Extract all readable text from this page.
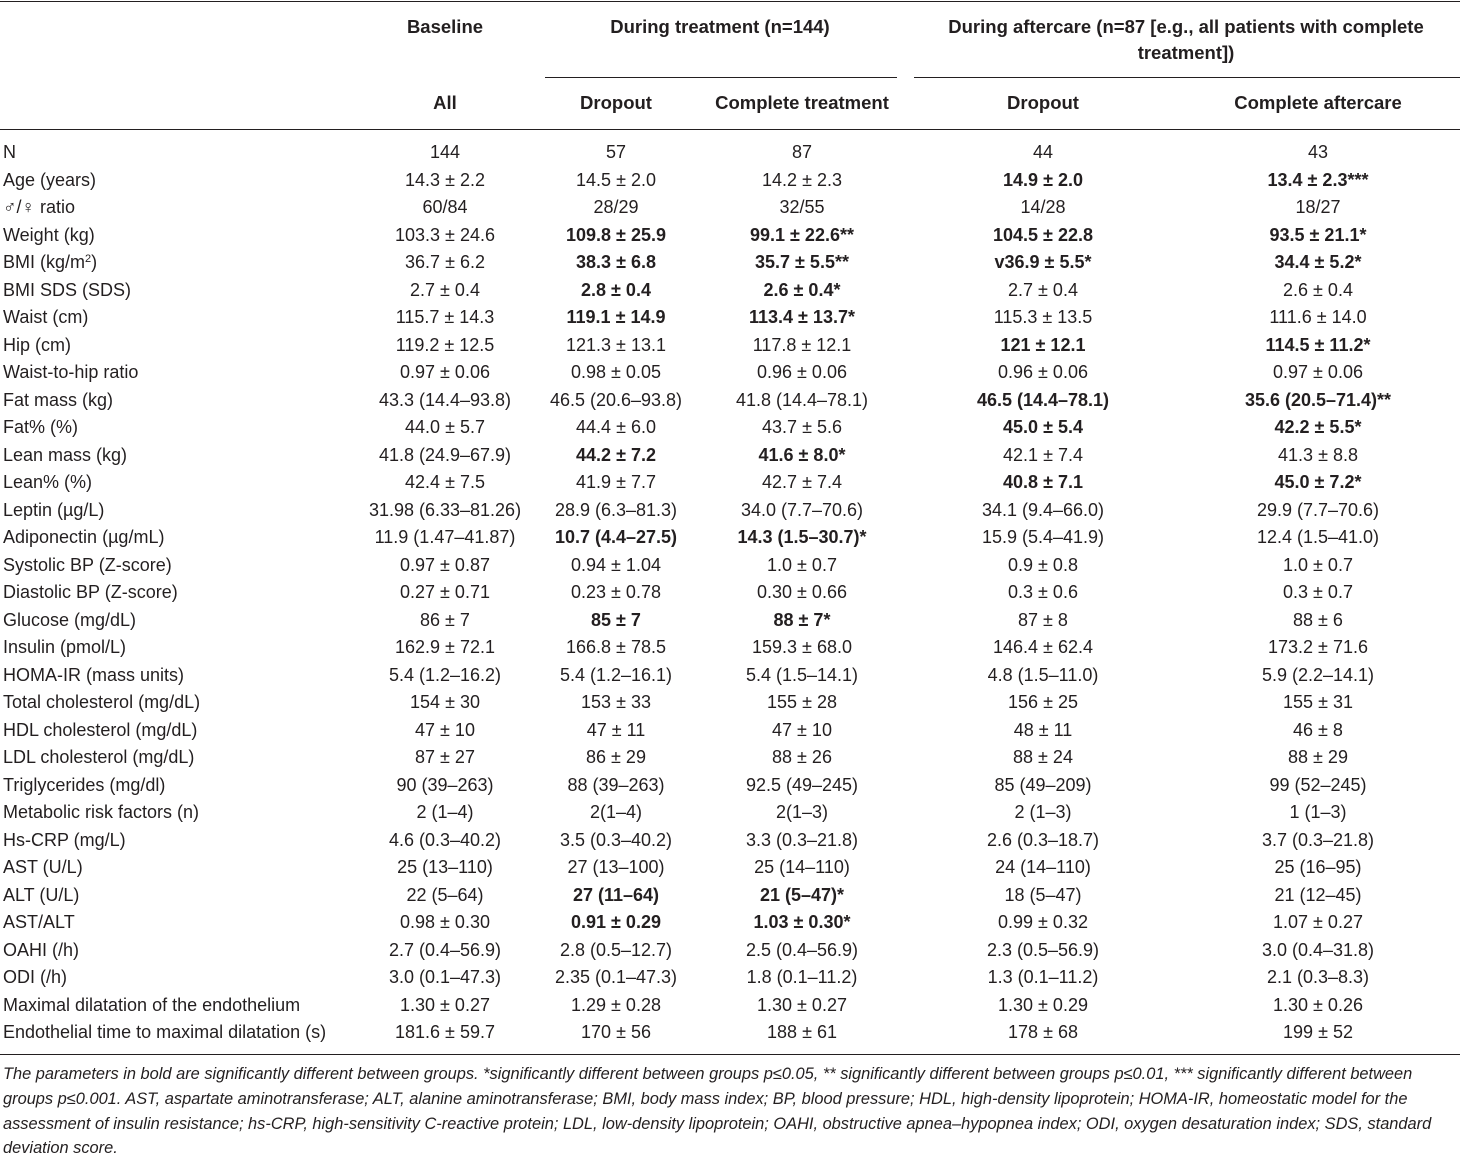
Baseline	During treatment (n=144)	During aftercare (n=87 [e.g., all patients with complete treatment])
All	Dropout	Complete treatment	Dropout	Complete aftercare
N	144	57	87	44	43
Age (years)	14.3 ± 2.2	14.5 ± 2.0	14.2 ± 2.3	14.9 ± 2.0	13.4 ± 2.3***
♂/♀ ratio	60/84	28/29	32/55	14/28	18/27
Weight (kg)	103.3 ± 24.6	109.8 ± 25.9	99.1 ± 22.6**	104.5 ± 22.8	93.5 ± 21.1*
BMI $(kg/m^2)$	36.7 ± 6.2	38.3 ± 6.8	35.7 ± 5.5**	v36.9 ± 5.5*	34.4 ± 5.2*
BMI SDS (SDS)	2.7 ± 0.4	2.8 ± 0.4	2.6 ± 0.4*	2.7 ± 0.4	2.6 ± 0.4
Waist (cm)	115.7 ± 14.3	119.1 ± 14.9	113.4 ± 13.7*	115.3 ± 13.5	111.6 ± 14.0
Hip (cm)	119.2 ± 12.5	121.3 ± 13.1	117.8 ± 12.1	121 ± 12.1	114.5 ± 11.2*
Waist-to-hip ratio	0.97 ± 0.06	0.98 ± 0.05	0.96 ± 0.06	0.96 ± 0.06	0.97 ± 0.06
Fat mass (kg)	43.3 (14.4–93.8)	46.5 (20.6–93.8)	41.8 (14.4–78.1)	46.5 (14.4–78.1)	35.6 (20.5–71.4)**
Fat% (%)	44.0 ± 5.7	44.4 ± 6.0	43.7 ± 5.6	45.0 ± 5.4	42.2 ± 5.5*
Lean mass (kg)	41.8 (24.9–67.9)	44.2 ± 7.2	41.6 ± 8.0*	42.1 ± 7.4	41.3 ± 8.8
Lean% (%)	42.4 ± 7.5	41.9 ± 7.7	42.7 ± 7.4	40.8 ± 7.1	45.0 ± 7.2*
Leptin (µg/L)	31.98 (6.33–81.26)	28.9 (6.3–81.3)	34.0 (7.7–70.6)	34.1 (9.4–66.0)	29.9 (7.7–70.6)
Adiponectin (µg/mL)	11.9 (1.47–41.87)	10.7 (4.4–27.5)	14.3 (1.5–30.7)*	15.9 (5.4–41.9)	12.4 (1.5–41.0)
Systolic BP (Z-score)	0.97 ± 0.87	0.94 ± 1.04	1.0 ± 0.7	0.9 ± 0.8	1.0 ± 0.7
Diastolic BP (Z-score)	0.27 ± 0.71	0.23 ± 0.78	0.30 ± 0.66	0.3 ± 0.6	0.3 ± 0.7
Glucose (mg/dL)	86 ± 7	85 ± 7	88 ± 7*	87 ± 8	88 ± 6
Insulin (pmol/L)	162.9 ± 72.1	166.8 ± 78.5	159.3 ± 68.0	146.4 ± 62.4	173.2 ± 71.6
HOMA-IR (mass units)	5.4 (1.2–16.2)	5.4 (1.2–16.1)	5.4 (1.5–14.1)	4.8 (1.5–11.0)	5.9 (2.2–14.1)
Total cholesterol (mg/dL)	154 ± 30	153 ± 33	155 ± 28	156 ± 25	155 ± 31
HDL cholesterol (mg/dL)	47 ± 10	47 ± 11	47 ± 10	48 ± 11	46 ± 8
LDL cholesterol (mg/dL)	87 ± 27	86 ± 29	88 ± 26	88 ± 24	88 ± 29
Triglycerides (mg/dl)	90 (39–263)	88 (39–263)	92.5 (49–245)	85 (49–209)	99 (52–245)
Metabolic risk factors (n)	2 (1–4)	2(1–4)	2(1–3)	2 (1–3)	1 (1–3)
Hs-CRP (mg/L)	4.6 (0.3–40.2)	3.5 (0.3–40.2)	3.3 (0.3–21.8)	2.6 (0.3–18.7)	3.7 (0.3–21.8)
AST (U/L)	25 (13–110)	27 (13–100)	25 (14–110)	24 (14–110)	25 (16–95)
ALT (U/L)	22 (5–64)	27 (11–64)	21 (5–47)*	18 (5–47)	21 (12–45)
AST/ALT	0.98 ± 0.30	0.91 ± 0.29	1.03 ± 0.30*	0.99 ± 0.32	1.07 ± 0.27
OAHI (/h)	2.7 (0.4–56.9)	2.8 (0.5–12.7)	2.5 (0.4–56.9)	2.3 (0.5–56.9)	3.0 (0.4–31.8)
ODI (/h)	3.0 (0.1–47.3)	2.35 (0.1–47.3)	1.8 (0.1–11.2)	1.3 (0.1–11.2)	2.1 (0.3–8.3)
Maximal dilatation of the endothelium	1.30 ± 0.27	1.29 ± 0.28	1.30 ± 0.27	1.30 ± 0.29	1.30 ± 0.26
Endothelial time to maximal dilatation (s)	181.6 ± 59.7	170 ± 56	188 ± 61	178 ± 68	199 ± 52
The parameters in bold are significantly different between groups. *significantly different between groups p≤0.05, ** significantly different between groups p≤0.01, *** significantly different between groups p≤0.001. AST, aspartate aminotransferase; ALT, alanine aminotransferase; BMI, body mass index; BP, blood pressure; HDL, high-density lipoprotein; HOMA-IR, homeostatic model for the assessment of insulin resistance; hs-CRP, high-sensitivity C-reactive protein; LDL, low-density lipoprotein; OAHI, obstructive apnea–hypopnea index; ODI, oxygen desaturation index; SDS, standard deviation score.
